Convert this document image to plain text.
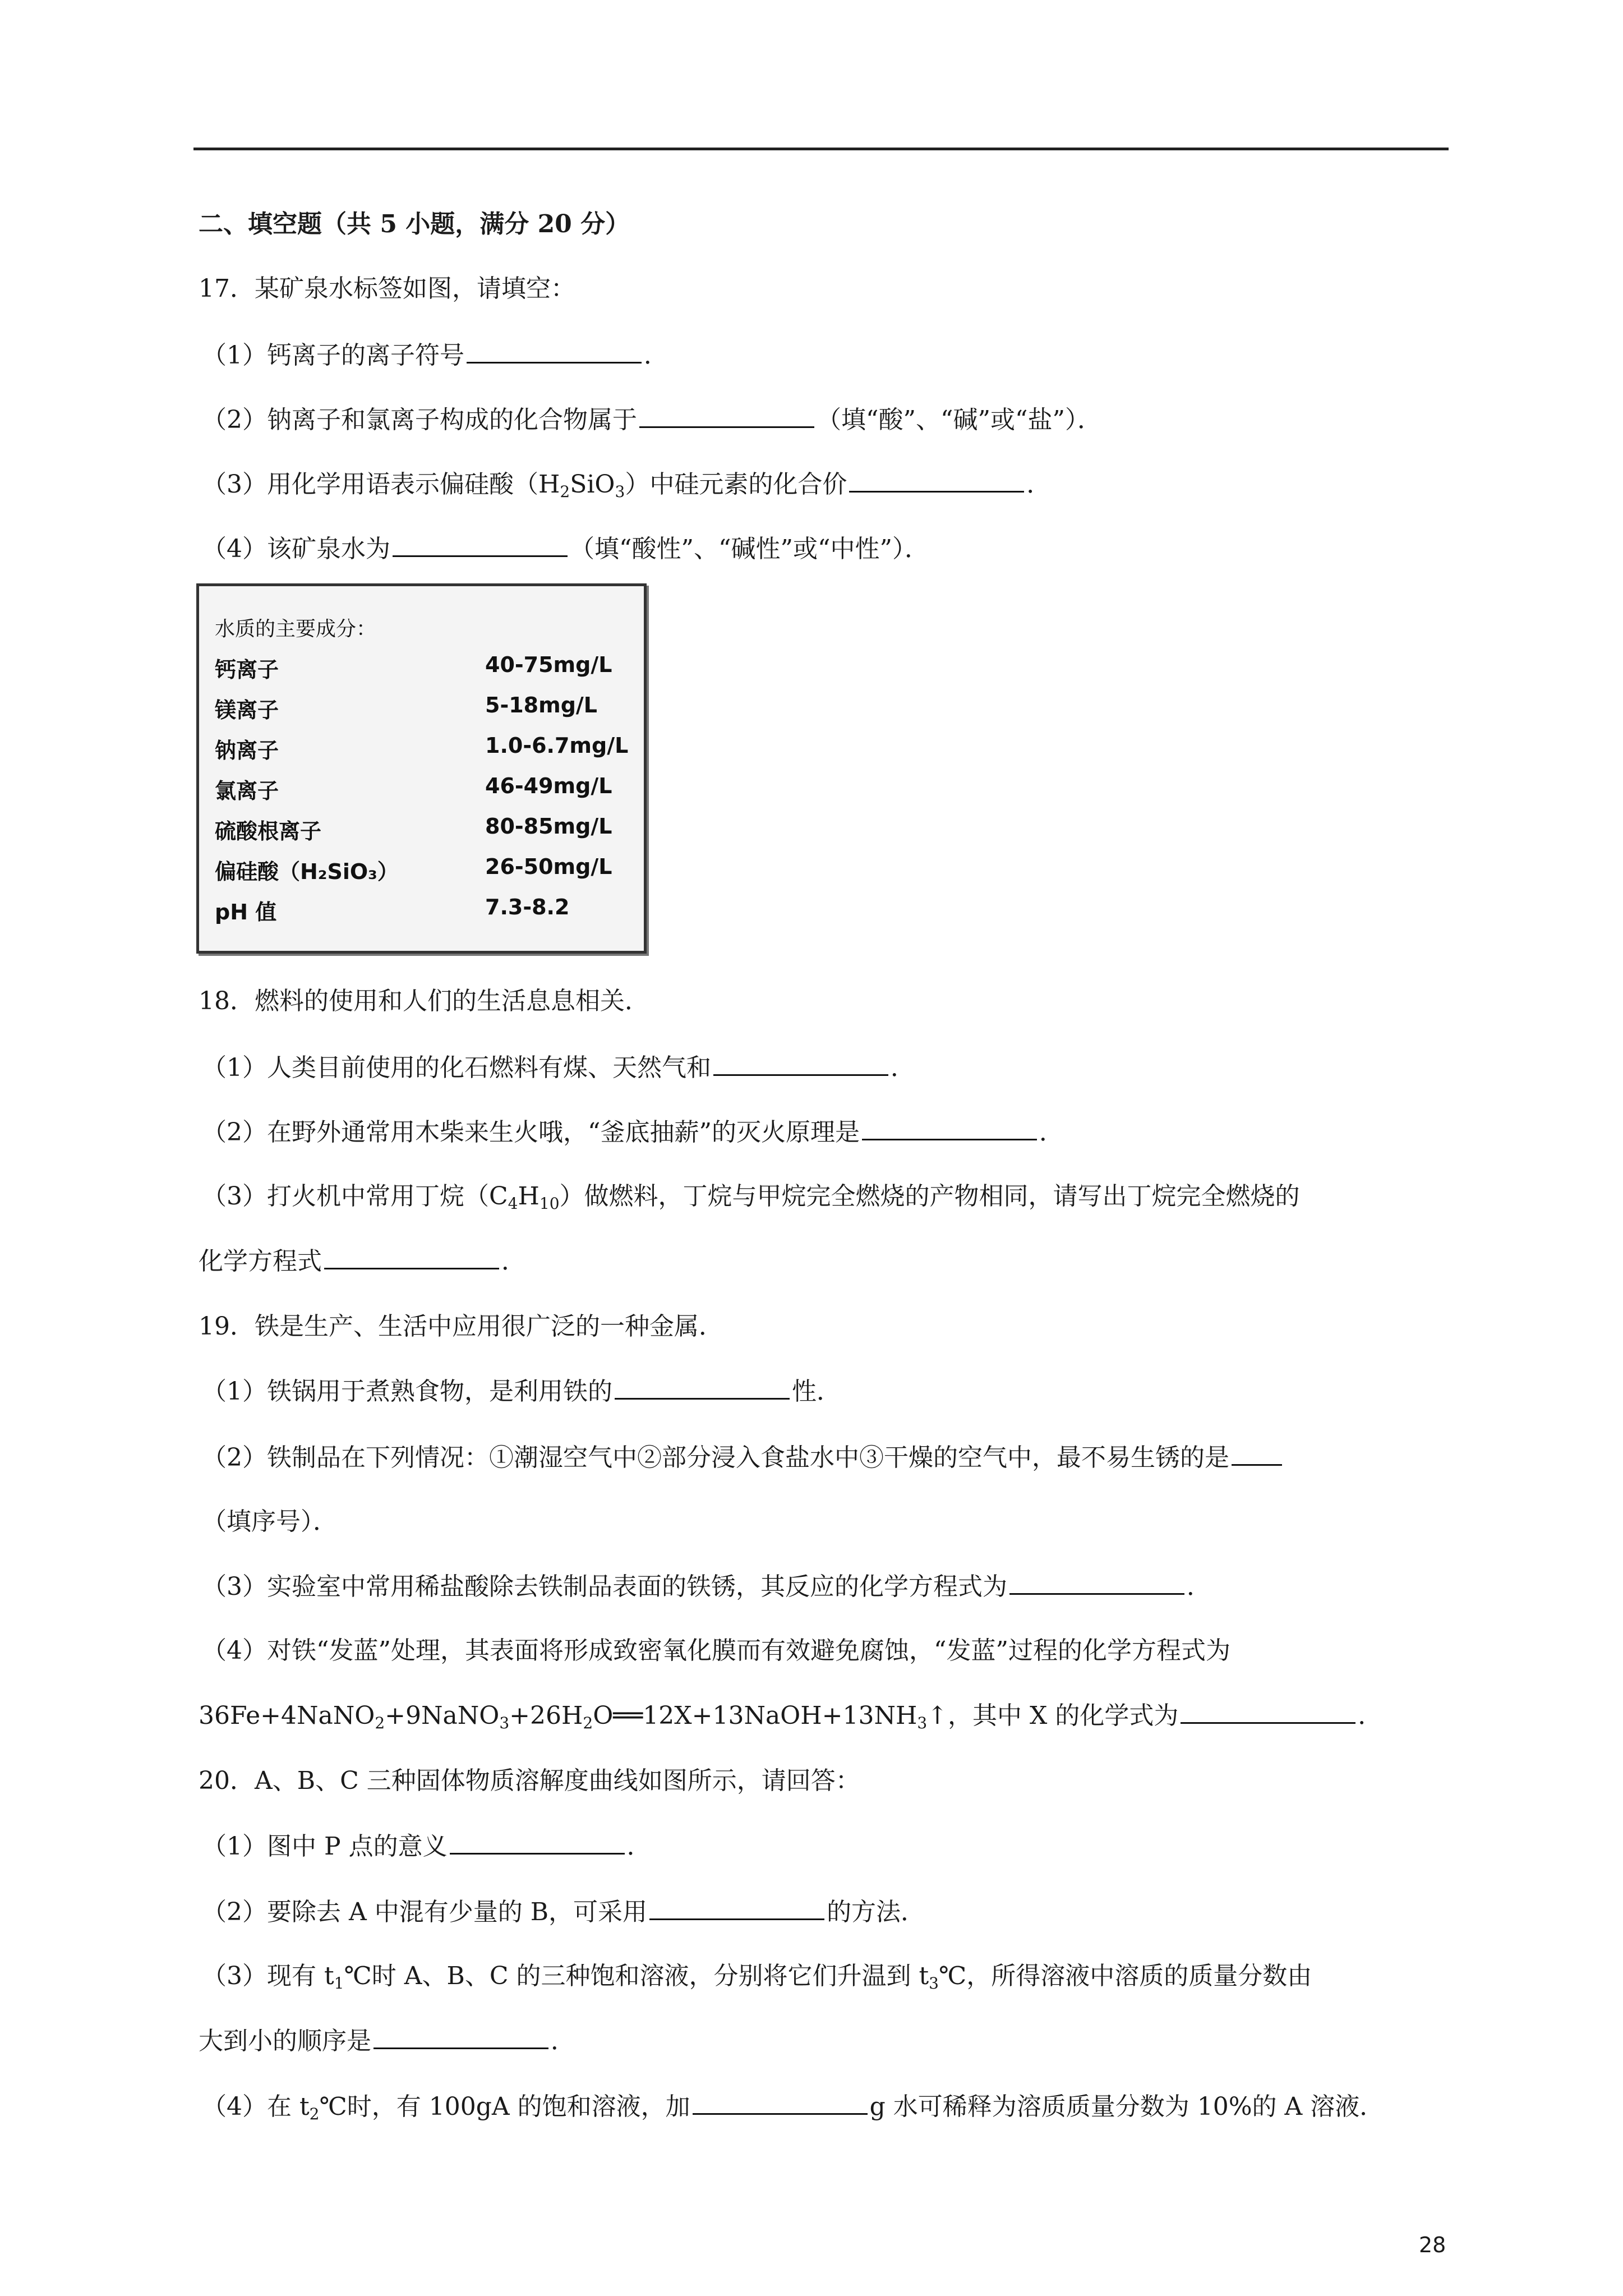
二、填空题（共 5 小题，满分 20 分）
17．某矿泉水标签如图，请填空：
（1）钙离子的离子符号	．
（2）钠离子和氯离子构成的化合物属于	（填“酸”、“碱”或“盐”）．
（3）用化学用语表示偏硅酸$(H_2SiO_3)$中硅元素的化合价	．
（4）该矿泉水为	（填“酸性”、“碱性”或“中性”）．
水质的主要成分：
钙离子	40-75mg/L
镁离子	5-18mg/L
钠离子	1.0-6.7mg/L
氯离子	46-49mg/L
硫酸根离子	80-85mg/L
偏硅酸（H₂SiO₃）	26-50mg/L
pH 值	7.3-8.2
18．燃料的使用和人们的生活息息相关．
（1）人类目前使用的化石燃料有煤、天然气和	．
（2）在野外通常用木柴来生火哦，“釜底抽薪”的灭火原理是	．
（3）打火机中常用丁烷$(C_4H_{10})$做燃料，丁烷与甲烷完全燃烧的产物相同，请写出丁烷完全燃烧的
化学方程式	．
19．铁是生产、生活中应用很广泛的一种金属．
（1）铁锅用于煮熟食物，是利用铁的	性．
（2）铁制品在下列情况：①潮湿空气中②部分浸入食盐水中③干燥的空气中，最不易生锈的是
（填序号）．
（3）实验室中常用稀盐酸除去铁制品表面的铁锈，其反应的化学方程式为	．
（4）对铁“发蓝”处理，其表面将形成致密氧化膜而有效避免腐蚀，“发蓝”过程的化学方程式为
$36Fe+4NaNO_2+9NaNO_3+26H_2O══12X+13NaOH+13NH_3↑$，其中 X 的化学式为	．
20．A、B、C 三种固体物质溶解度曲线如图所示，请回答：
（1）图中 P 点的意义	．
（2）要除去 A 中混有少量的 B，可采用	的方法．
（3）现有 $t_1℃$时 A、B、C 的三种饱和溶液，分别将它们升温到 $t_3℃$，所得溶液中溶质的质量分数由
大到小的顺序是	．
（4）在 $t_2℃$时，有 100gA 的饱和溶液，加	g 水可稀释为溶质质量分数为 10%的 A 溶液．
28
